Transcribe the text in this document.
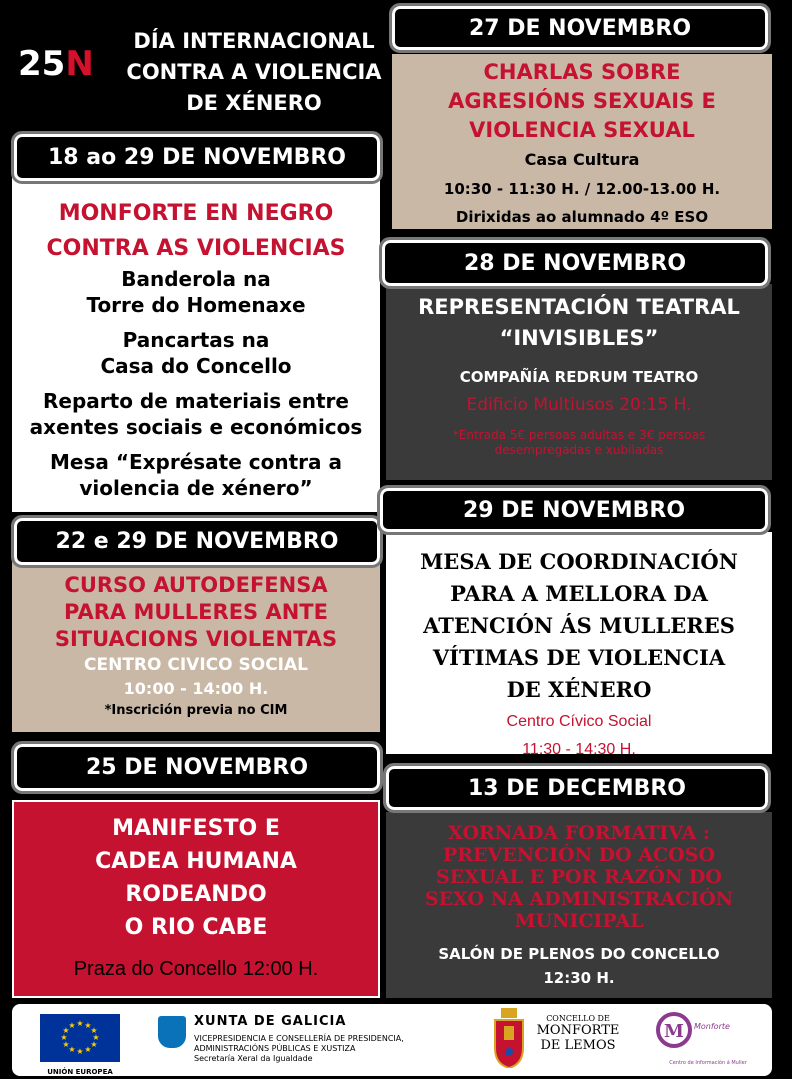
25N
DÍA INTERNACIONAL
CONTRA A VIOLENCIA
DE XÉNERO
MONFORTE EN NEGRO
CONTRA AS VIOLENCIAS
Banderola na
Torre do Homenaxe
Pancartas na
Casa do Concello
Reparto de materiais entre
axentes sociais e económicos
Mesa “Exprésate contra a
violencia de xénero”
18 ao 29 DE NOVEMBRO
CURSO AUTODEFENSA
PARA MULLERES ANTE
SITUACIONS VIOLENTAS
CENTRO CIVICO SOCIAL
10:00 - 14:00 H.
*Inscrición previa no CIM
22 e 29 DE NOVEMBRO
MANIFESTO E
CADEA HUMANA
RODEANDO
O RIO CABE
Praza do Concello 12:00 H.
25 DE NOVEMBRO
CHARLAS SOBRE
AGRESIÓNS SEXUAIS E
VIOLENCIA SEXUAL
Casa Cultura
10:30 - 11:30 H. / 12.00-13.00 H.
Dirixidas ao alumnado 4º ESO
27 DE NOVEMBRO
REPRESENTACIÓN TEATRAL
“INVISIBLES”
COMPAÑÍA REDRUM TEATRO
Edificio Multiusos 20:15 H.
*Entrada 5€ persoas adultas e 3€ persoas
desempregadas e xubiladas
28 DE NOVEMBRO
MESA DE COORDINACIÓN
PARA A MELLORA DA
ATENCIÓN ÁS MULLERES
VÍTIMAS DE VIOLENCIA
DE XÉNERO
Centro Cívico Social
11:30 - 14:30 H.
29 DE NOVEMBRO
XORNADA FORMATIVA :
PREVENCIÓN DO ACOSO
SEXUAL E POR RAZÓN DO
SEXO NA ADMINISTRACIÓN
MUNICIPAL
SALÓN DE PLENOS DO CONCELLO
12:30 H.
13 DE DECEMBRO
★ ★
★
★
★
★
★
★
★
★
★
★
UNIÓN EUROPEA
XUNTA DE GALICIA
VICEPRESIDENCIA E CONSELLERÍA DE PRESIDENCIA,
ADMINISTRACIÓNS PÚBLICAS E XUSTIZA
Secretaría Xeral da Igualdade
CONCELLO DE
MONFORTE
DE LEMOS
M Monforte
Centro de Información á Muller
